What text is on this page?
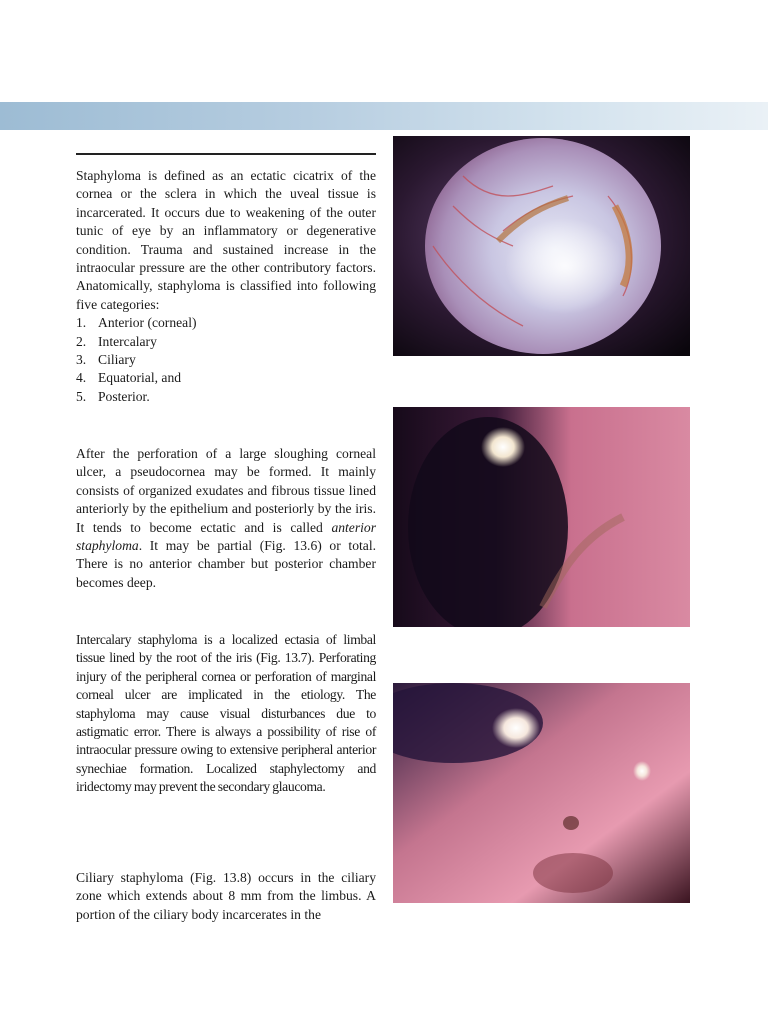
Staphyloma is defined as an ectatic cicatrix of the cornea or the sclera in which the uveal tissue is incarcerated. It occurs due to weakening of the outer tunic of eye by an inflammatory or degenerative condition. Trauma and sustained increase in the intraocular pressure are the other contributory factors. Anatomically, staphyloma is classified into following five categories:

1. Anterior (corneal)
2. Intercalary
3. Ciliary
4. Equatorial, and
5. Posterior.

After the perforation of a large sloughing corneal ulcer, a pseudocornea may be formed. It mainly consists of organized exudates and fibrous tissue lined anteriorly by the epithelium and posteriorly by the iris. It tends to become ectatic and is called anterior staphyloma. It may be partial (Fig. 13.6) or total. There is no anterior chamber but posterior chamber becomes deep.

Intercalary staphyloma is a localized ectasia of limbal tissue lined by the root of the iris (Fig. 13.7). Perforating injury of the peripheral cornea or perforation of marginal corneal ulcer are implicated in the etiology. The staphyloma may cause visual disturbances due to astigmatic error. There is always a possibility of rise of intraocular pressure owing to extensive peripheral anterior synechiae formation. Localized staphylectomy and iridectomy may prevent the secondary glaucoma.

Ciliary staphyloma (Fig. 13.8) occurs in the ciliary zone which extends about 8 mm from the limbus. A portion of the ciliary body incarcerates in the
